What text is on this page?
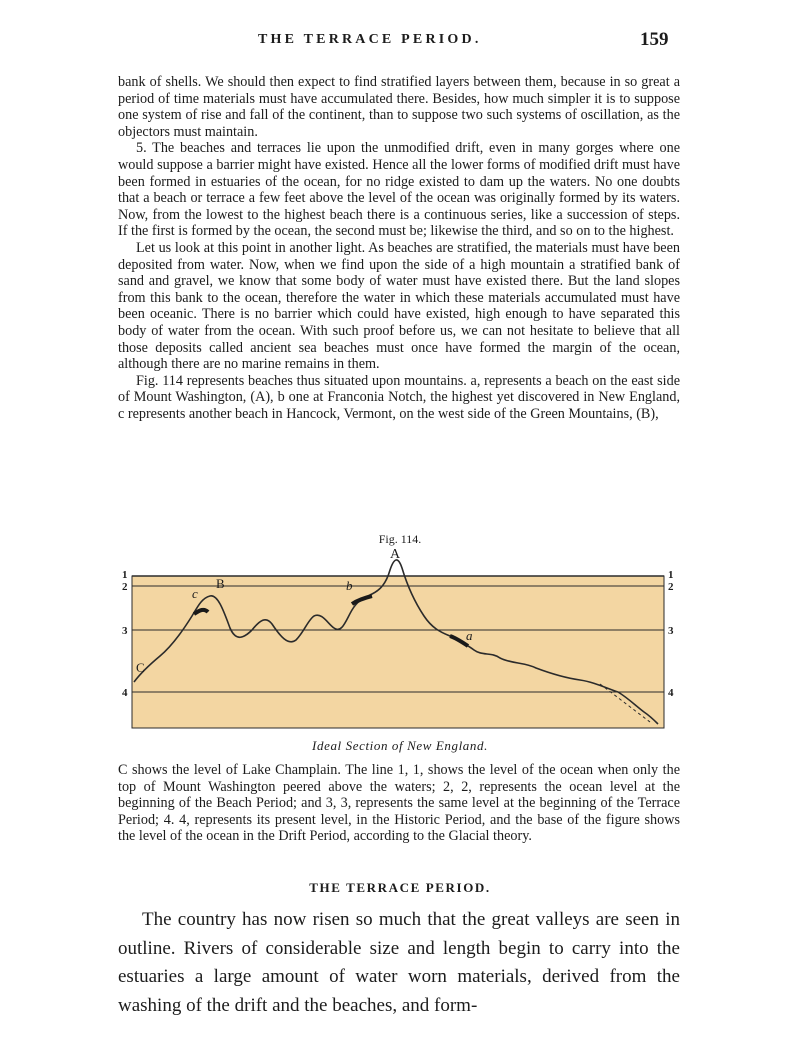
THE TERRACE PERIOD.	159

bank of shells. We should then expect to find stratified layers between them, because in so great a period of time materials must have accumulated there. Besides, how much simpler it is to suppose one system of rise and fall of the continent, than to suppose two such systems of oscillation, as the objectors must maintain.

5. The beaches and terraces lie upon the unmodified drift, even in many gorges where one would suppose a barrier might have existed. Hence all the lower forms of modified drift must have been formed in estuaries of the ocean, for no ridge existed to dam up the waters. No one doubts that a beach or terrace a few feet above the level of the ocean was originally formed by its waters. Now, from the lowest to the highest beach there is a continuous series, like a succession of steps. If the first is formed by the ocean, the second must be; likewise the third, and so on to the highest.

Let us look at this point in another light. As beaches are stratified, the materials must have been deposited from water. Now, when we find upon the side of a high mountain a stratified bank of sand and gravel, we know that some body of water must have existed there. But the land slopes from this bank to the ocean, therefore the water in which these materials accumulated must have been oceanic. There is no barrier which could have existed, high enough to have separated this body of water from the ocean. With such proof before us, we can not hesitate to believe that all those deposits called ancient sea beaches must once have formed the margin of the ocean, although there are no marine remains in them.

Fig. 114 represents beaches thus situated upon mountains. a, represents a beach on the east side of Mount Washington, (A), b one at Franconia Notch, the highest yet discovered in New England, c represents another beach in Hancock, Vermont, on the west side of the Green Mountains, (B),

Fig. 114.
A
B
C
a
b
c
1
2
3
4
1
2
3
4
Ideal Section of New England.

C shows the level of Lake Champlain. The line 1, 1, shows the level of the ocean when only the top of Mount Washington peered above the waters; 2, 2, represents the ocean level at the beginning of the Beach Period; and 3, 3, represents the same level at the beginning of the Terrace Period; 4. 4, represents its present level, in the Historic Period, and the base of the figure shows the level of the ocean in the Drift Period, according to the Glacial theory.

THE TERRACE PERIOD.

The country has now risen so much that the great valleys are seen in outline. Rivers of considerable size and length begin to carry into the estuaries a large amount of water worn materials, derived from the washing of the drift and the beaches, and form-
